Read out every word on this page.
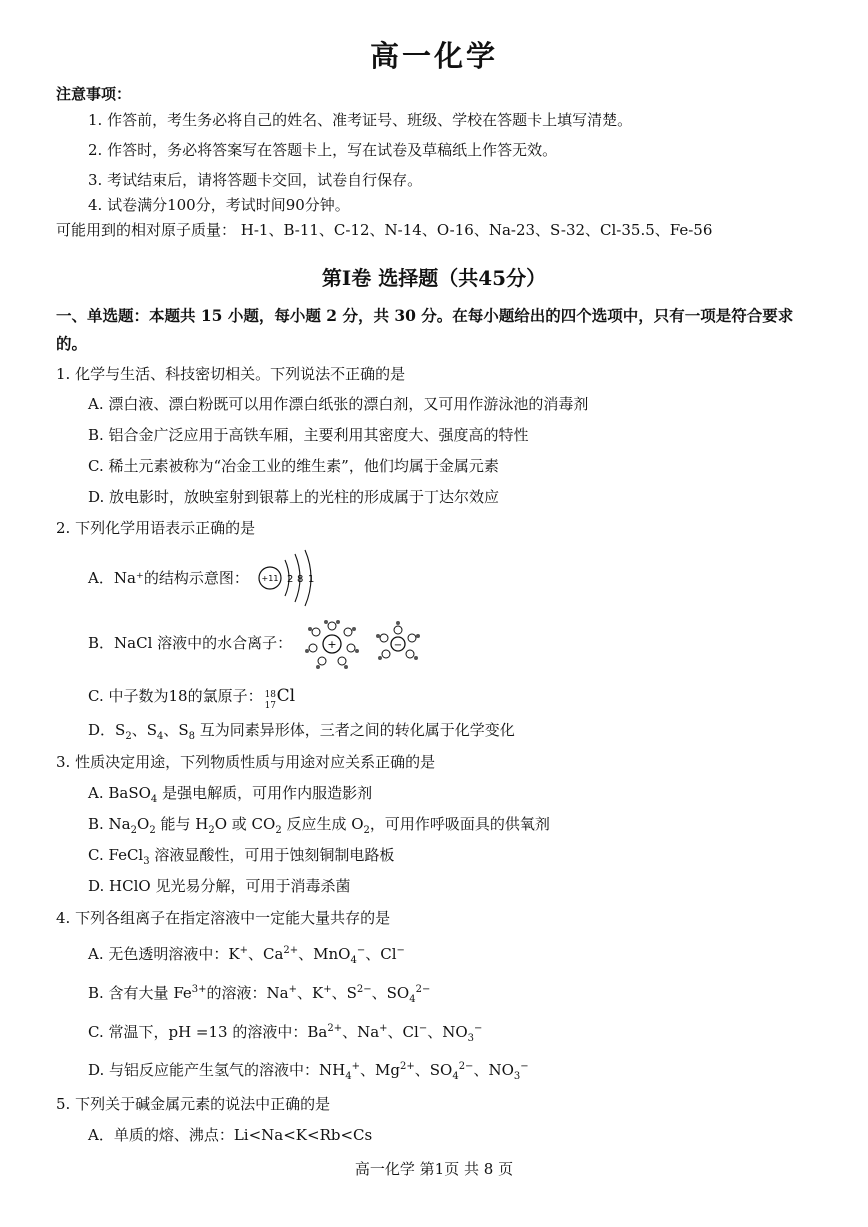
高一化学
注意事项：
1. 作答前，考生务必将自己的姓名、准考证号、班级、学校在答题卡上填写清楚。
2. 作答时，务必将答案写在答题卡上，写在试卷及草稿纸上作答无效。
3. 考试结束后，请将答题卡交回，试卷自行保存。
4. 试卷满分100分，考试时间90分钟。
可能用到的相对原子质量： H-1、B-11、C-12、N-14、O-16、Na-23、S-32、Cl-35.5、Fe-56
第I卷 选择题（共45分）
一、单选题：本题共 15 小题，每小题 2 分，共 30 分。在每小题给出的四个选项中，只有一项是符合要求
的。
1. 化学与生活、科技密切相关。下列说法不正确的是
A. 漂白液、漂白粉既可以用作漂白纸张的漂白剂，又可用作游泳池的消毒剂
B. 铝合金广泛应用于高铁车厢，主要利用其密度大、强度高的特性
C. 稀土元素被称为“冶金工业的维生素”，他们均属于金属元素
D. 放电影时，放映室射到银幕上的光柱的形成属于丁达尔效应
2. 下列化学用语表示正确的是
A．Na⁺的结构示意图： +11 2 8 1
B．NaCl 溶液中的水合离子：	+	−
C. 中子数为18的氯原子： 18
17 Cl
D．$S_2$、$S_4$、$S_8$ 互为同素异形体，三者之间的转化属于化学变化
3. 性质决定用途，下列物质性质与用途对应关系正确的是
A. BaSO$_4$ 是强电解质，可用作内服造影剂
B. $Na_2O_2$ 能与 $H_2O$ 或 $CO_2$ 反应生成 $O_2$，可用作呼吸面具的供氧剂
C. FeCl$_3$ 溶液显酸性，可用于蚀刻铜制电路板
D. HClO 见光易分解，可用于消毒杀菌
4. 下列各组离子在指定溶液中一定能大量共存的是
A. 无色透明溶液中：K+、$Ca^{2+}$、MnO$_4$−、Cl−
B. 含有大量 $Fe^{3+}$的溶液：Na+、K+、$S^{2-}$、$SO_4^{2-}$
C. 常温下，pH =13 的溶液中：$Ba^{2+}$、Na+、Cl−、$NO_3^-$
D. 与铝反应能产生氢气的溶液中：$NH_4^+$、$Mg^{2+}$、$SO_4^{2-}$、$NO_3^-$
5. 下列关于碱金属元素的说法中正确的是
A．单质的熔、沸点：Li<Na<K<Rb<Cs
高一化学 第1页 共 8 页
